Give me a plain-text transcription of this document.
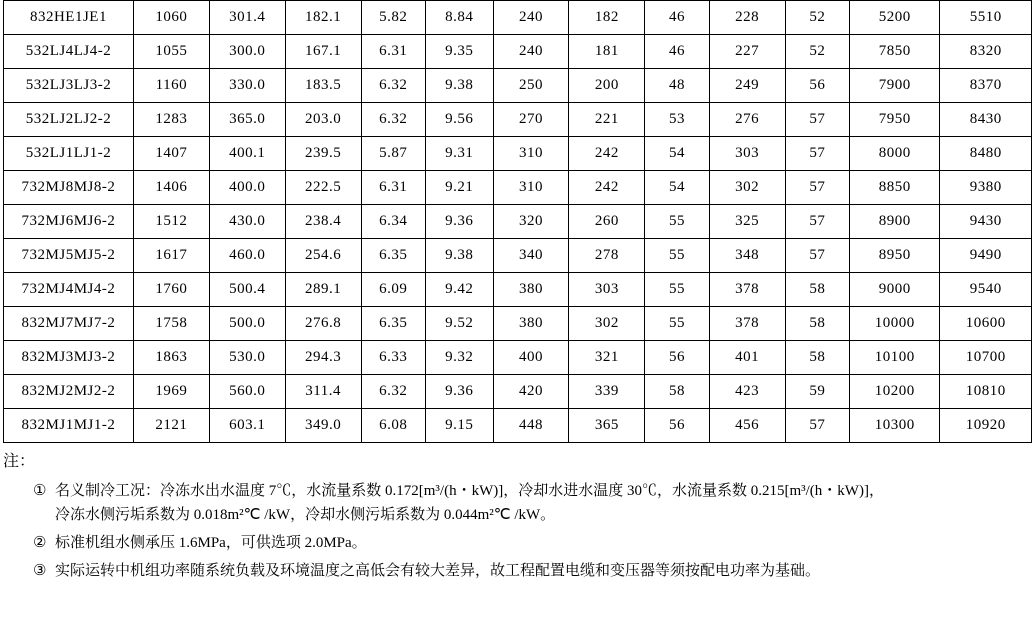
832HE1JE1	1060	301.4	182.1	5.82	8.84	240	182	46	228	52	5200	5510
532LJ4LJ4-2	1055	300.0	167.1	6.31	9.35	240	181	46	227	52	7850	8320
532LJ3LJ3-2	1160	330.0	183.5	6.32	9.38	250	200	48	249	56	7900	8370
532LJ2LJ2-2	1283	365.0	203.0	6.32	9.56	270	221	53	276	57	7950	8430
532LJ1LJ1-2	1407	400.1	239.5	5.87	9.31	310	242	54	303	57	8000	8480
732MJ8MJ8-2	1406	400.0	222.5	6.31	9.21	310	242	54	302	57	8850	9380
732MJ6MJ6-2	1512	430.0	238.4	6.34	9.36	320	260	55	325	57	8900	9430
732MJ5MJ5-2	1617	460.0	254.6	6.35	9.38	340	278	55	348	57	8950	9490
732MJ4MJ4-2	1760	500.4	289.1	6.09	9.42	380	303	55	378	58	9000	9540
832MJ7MJ7-2	1758	500.0	276.8	6.35	9.52	380	302	55	378	58	10000	10600
832MJ3MJ3-2	1863	530.0	294.3	6.33	9.32	400	321	56	401	58	10100	10700
832MJ2MJ2-2	1969	560.0	311.4	6.32	9.36	420	339	58	423	59	10200	10810
832MJ1MJ1-2	2121	603.1	349.0	6.08	9.15	448	365	56	456	57	10300	10920
注：
① 名义制冷工况：冷冻水出水温度 7℃，水流量系数 0.172[m³/(h・kW)]，冷却水进水温度 30℃，水流量系数 0.215[m³/(h・kW)]，
冷冻水侧污垢系数为 0.018m²℃ /kW，冷却水侧污垢系数为 0.044m²℃ /kW。
② 标准机组水侧承压 1.6MPa，可供选项 2.0MPa。
③ 实际运转中机组功率随系统负载及环境温度之高低会有较大差异，故工程配置电缆和变压器等须按配电功率为基础。
